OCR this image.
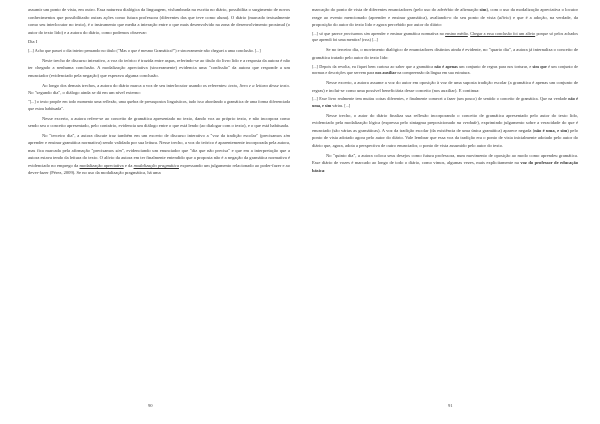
assumir um ponto de vista, em outro. Essa natureza dialógica da linguagem, vislumbrada na escrita no diário, possibilita o surgimento de novos conhecimentos que possibilitarão outras ações como futura professora (diferentes das que teve como aluna). O diário (marcado textualmente como seu interlocutor no texto), é o instrumento que media a interação entre o que mais desenvolvido na zona de desenvolvimento proximal (o autor do texto lido) e a autora do diário, como podemos observar:

Dia I

[...] Acho que passei o dia inteiro pensando no título ("Mas o que é mesmo Gramática?") e sinceramente não cheguei a uma conclusão. [...]

Neste trecho de discurso interativo, a voz do teórico é trazida entre aspas, referindo-se ao título do livro lido e a resposta da autora é não ter chegado a nenhuma conclusão. A modalização apreciativa (sinceramente) evidencia uma "confissão" da autora que responde a um enunciador (evidenciado pela negação) que esperava alguma conclusão.

Ao longo dos demais trechos, a autora do diário marca a voz de seu interlocutor usando os referentes: texto, livro e a leitura desse texto. No "segundo dia", o diálogo ainda se dá em um nível externo:

"[...] o texto propõe em todo momento uma reflexão, uma quebra de pressupostos linguísticos, tudo isso abordando a gramática de uma forma diferenciada que estou habituada".

Nesse excerto, a autora refere-se ao conceito de gramática apresentado no texto, dando voz ao próprio texto, e não incorpora como sendo seu o conceito apresentado, pelo contrário, evidencia um diálogo entre o que está lendo (ao dialogar com o texto), e o que está habituada.

No "terceiro dia", a autora discute traz também em um excerto de discurso interativo a "voz da tradição escolar" (precisamos sim aprender e ensinar gramática normativa) sendo validada por sua leitura. Nesse trecho, a voz do teórico é aparentemente incorporada pela autora, mas fica marcada pela afirmação "precisamos sim", evidenciando um enunciador que "diz que não precisa" e que em a interpretação que a autora estava tendo da leitura do texto. O alívio da autora em ter finalmente entendido que a proposta não é a negação da gramática normativa é evidenciado no emprego da modalização apreciativa e da modalização pragmática expressando um julgamento relacionado ao poder-fazer e ao dever-fazer (Pérez, 2009). Se no uso da modalização pragmática, há uma

90

marcação do ponto de vista de diferentes enunciadores (pelo uso do advérbio de afirmação sim), com o uso da modalização apreciativa o locutor reage ao evento mencionado (aprender e ensinar gramática), avaliando-o do seu ponto de vista (alívio) e que é a adoção, na verdade, da proposição do autor do texto lido e agora percebido por autor do diário:

[...] só que parece precisamos sim aprender e ensinar gramática normativa no ensino médio. Chegar a essa conclusão foi um alívio porque só pelos achados que aprendi foi uma mentira! (rsss) [...]

Se no terceiro dia, o movimento dialógico de enunciadores distintos ainda é evidente, no "quarto dia", a autora já internaliza o conceito de gramática tratado pelo autor do texto lido:

[...] Depois da revolta, eu fiquei bem curiosa ao saber que a gramática não é apenas um conjunto de regras para nos torturar, e sim que é um conjunto de normas e descrições que servem para nos auxiliar na compreensão da língua em sua estrutura.

Nesse excerto, a autora assume a voz do autor em oposição à voz de uma suposta tradição escolar (a gramática é apenas um conjunto de regras) e inclui-se como uma possível beneficiária desse conceito (nos auxiliar). E continua:

[...] Esse livro realmente tem muitas coisas diferentes, e finalmente comecei a fazer (um pouco) de sentido o conceito de gramática. Que na verdade não é uma, e sim várias. [...]

Nesse trecho, o autor do diário finaliza sua reflexão incorporando o conceito de gramática apresentado pelo autor do texto lido, evidenciado pela modalização lógica (expressa pelo sintagma preposicionado na verdade), exprimindo julgamento sobre a veracidade do que é enunciado (são várias as gramáticas). A voz da tradição escolar (da existência de uma única gramática) aparece negada (não é uma, e sim) pelo ponto de vista adotado agora pelo autor do diário. Vale lembrar que essa voz da tradição era o ponto de vista inicialmente adotado pelo autor do diário que, agora, adota a perspectiva de outro enunciador, o ponto de vista assumido pelo autor do texto.

No "quinto dia", a autora coloca seus desejos como futura professora, num movimento de oposição ao modo como aprendeu gramática. Esse diário de vozes é marcado ao longo de todo o diário, como vimos, algumas vezes, mais explicitamente na voz do professor de educação básica:

91
